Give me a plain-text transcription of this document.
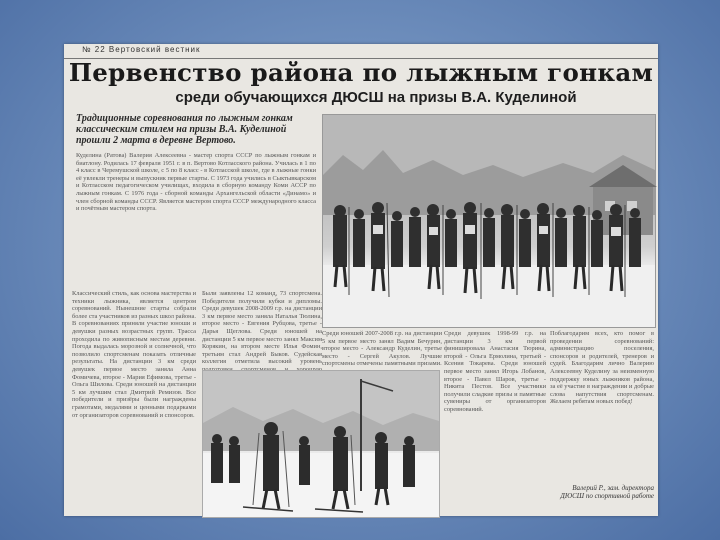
№ 22 Вертовский вестник
Первенство района по лыжным гонкам
среди обучающихся ДЮСШ на призы В.А. Куделиной
Традиционные соревнования по лыжным гонкам классическим стилем на призы В.А. Куделиной прошли 2 марта в деревне Вертово.
Куделина (Ратова) Валерия Алексеевна - мастер спорта СССР по лыжным гонкам и биатлону. Родилась 17 февраля 1951 г. в п. Вертово Котласского района. Училась в 1 по 4 класс в Черемушской школе, с 5 по 8 класс - в Котласской школе, где в лыжные гонки её увлекли тренеры и выпускник первые старты. С 1973 года учились в Сыктывкарском и Котласском педагогическом училищах, входила в сборную команду Коми АССР по лыжным гонкам. С 1976 года - сборной команды Архангельской области «Динамо» и член сборной команды СССР. Является мастером спорта СССР международного класса и почётным мастером спорта.
Классический стиль, как основа мастерства и техники лыжника, является центром соревнований. Нынешние старты собрали более ста участников из разных школ района. В соревнованиях приняли участие юноши и девушки разных возрастных групп. Трасса проходила по живописным местам деревни. Погода выдалась морозной и солнечной, что позволило спортсменам показать отличные результаты. На дистанции 3 км среди девушек первое место заняла Анна Фомичева, второе - Мария Ефимова, третье - Ольга Шилова. Среди юношей на дистанции 5 км лучшим стал Дмитрий Ремизов. Все победители и призёры были награждены грамотами, медалями и ценными подарками от организаторов соревнований и спонсоров.
Были заявлены 12 команд, 73 спортсмена. Победители получили кубки и дипломы. Среди девушек 2008-2009 г.р. на дистанции 3 км первое место заняла Наталья Тюлина, второе место - Евгения Рубцова, третье - Дарья Щеглова. Среди юношей на дистанции 5 км первое место занял Максим Корякин, на втором месте Илья Фомин, третьим стал Андрей Быков. Судейская коллегия отметила высокий уровень
Среди юношей 2007-2008 г.р. на дистанции 5 км первое место занял Вадим Бечурин, второе место - Александр Куделин, третье место - Сергей Акулов. Лучшие спортсмены отмечены памятными призами.
Среди девушек 1998-99 г.р. на дистанции 3 км первой финишировала Анастасия Тюрина, второй - Ольга Ермолина, третьей - Ксения Токарева. Среди юношей первое место занял Игорь Лобанов, второе - Павел Шаров, третье - Никита Пестов. Все участники получили сладкие призы и памятные сувениры от организаторов соревнований.
Поблагодарим всех, кто помог в проведении соревнований: администрацию поселения, спонсоров и родителей, тренеров и судей. Благодарим лично Валерию Алексеевну Куделину за неизменную поддержку юных лыжников района, за её участие в награждении и добрые слова напутствия спортсменам. Желаем ребятам новых побед!
Валерий Р., зам. директора ДЮСШ по спортивной работе
